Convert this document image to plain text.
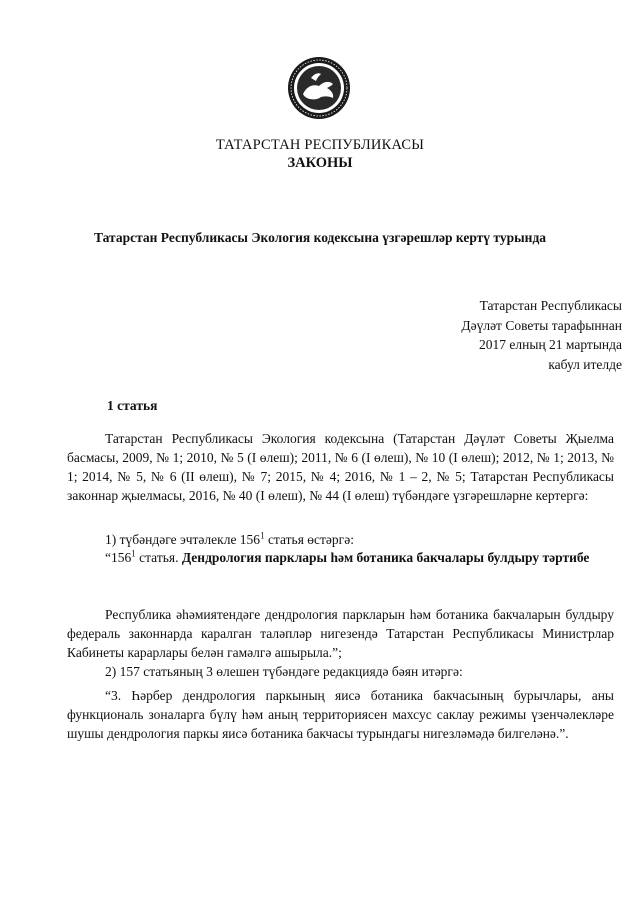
ТАТАРСТАН РЕСПУБЛИКАСЫ
ЗАКОНЫ
Татарстан Республикасы Экология кодексына үзгәрешләр кертү турында
Татарстан Республикасы
Дәүләт Советы тарафыннан
2017 елның 21 мартында
кабул ителде
1 статья
Татарстан Республикасы Экология кодексына (Татарстан Дәүләт Советы Җыелма басмасы, 2009, № 1; 2010, № 5 (I өлеш); 2011, № 6 (I өлеш), № 10 (I өлеш); 2012, № 1; 2013, № 1; 2014, № 5, № 6 (II өлеш), № 7; 2015, № 4; 2016, № 1 – 2, № 5; Татарстан Республикасы законнар җыелмасы, 2016, № 40 (I өлеш), № 44 (I өлеш) түбәндәге үзгәрешләрне кертергә:
1) түбәндәге эчтәлекле $156^1$ статья өстәргә:
“$156^1$ статья. Дендрология парклары һәм ботаника бакчалары булдыру тәртибе
Республика әһәмиятендәге дендрология паркларын һәм ботаника бакчаларын булдыру федераль законнарда каралган таләпләр нигезендә Татарстан Республикасы Министрлар Кабинеты карарлары белән гамәлгә ашырыла.”;
2) 157 статьяның 3 өлешен түбәндәге редакциядә бәян итәргә:
“3. Һәрбер дендрология паркының яисә ботаника бакчасының бурычлары, аны функциональ зоналарга бүлү һәм аның территориясен махсус саклау режимы үзенчәлекләре шушы дендрология паркы яисә ботаника бакчасы турындагы нигезләмәдә билгеләнә.”.
